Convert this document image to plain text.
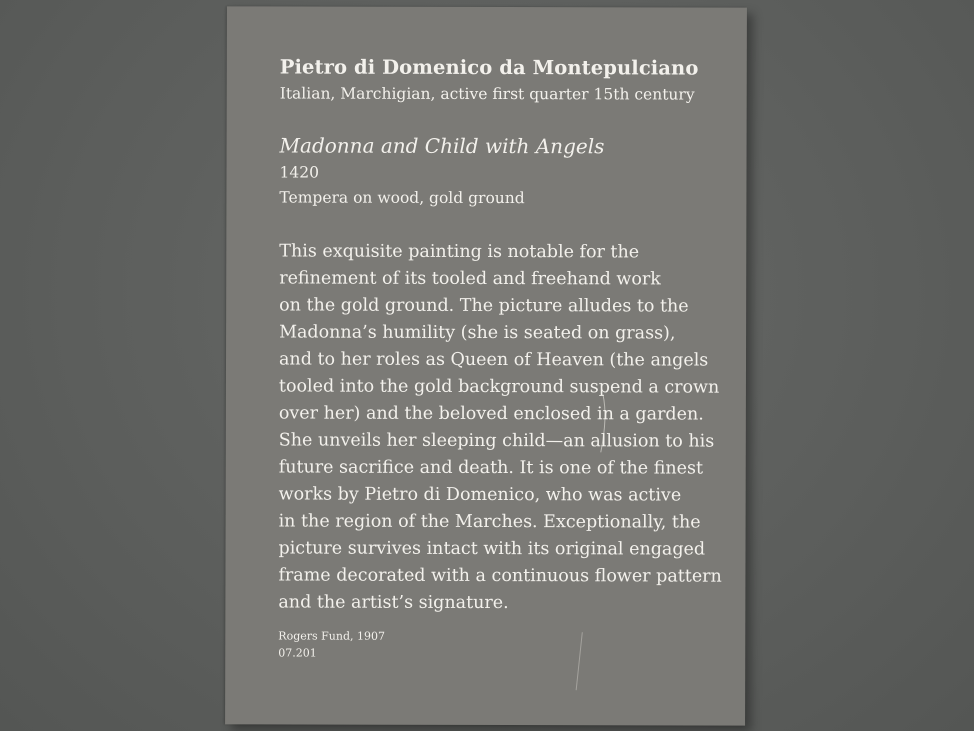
Pietro di Domenico da Montepulciano
Italian, Marchigian, active first quarter 15th century
Madonna and Child with Angels
1420
Tempera on wood, gold ground
This exquisite painting is notable for the
refinement of its tooled and freehand work
on the gold ground. The picture alludes to the
Madonna’s humility (she is seated on grass),
and to her roles as Queen of Heaven (the angels
tooled into the gold background suspend a crown
over her) and the beloved enclosed in a garden.
She unveils her sleeping child—an allusion to his
future sacrifice and death. It is one of the finest
works by Pietro di Domenico, who was active
in the region of the Marches. Exceptionally, the
picture survives intact with its original engaged
frame decorated with a continuous flower pattern
and the artist’s signature.
Rogers Fund, 1907
07.201
